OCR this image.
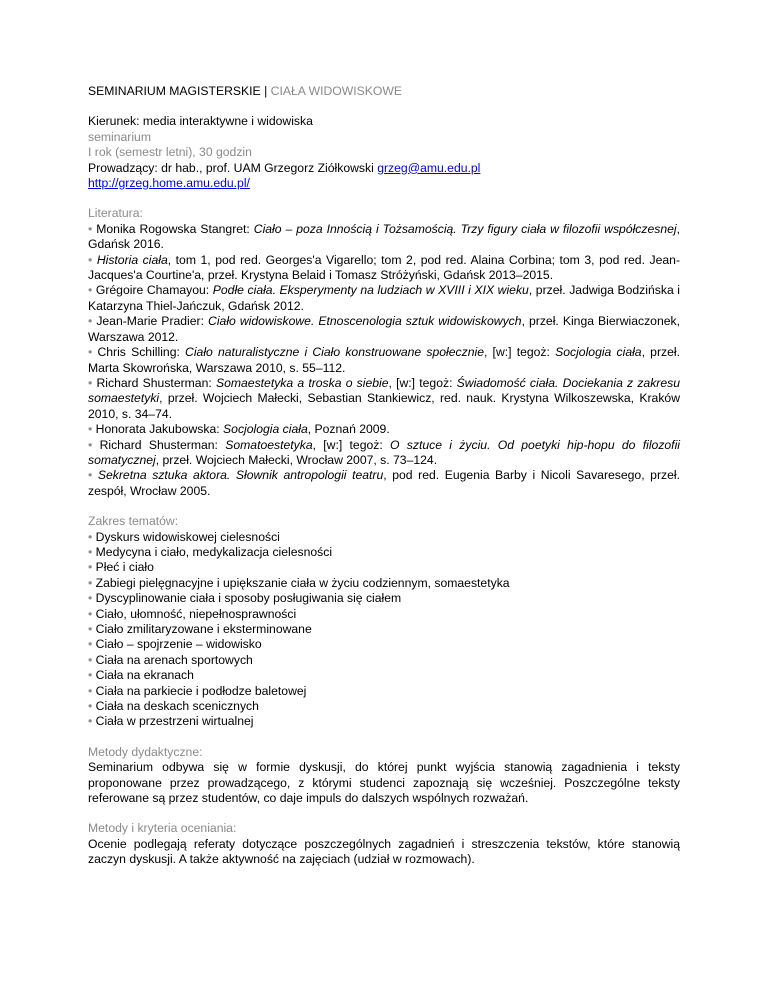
SEMINARIUM MAGISTERSKIE | CIAŁA WIDOWISKOWE
Kierunek: media interaktywne i widowiska
seminarium
I rok (semestr letni), 30 godzin
Prowadzący: dr hab., prof. UAM Grzegorz Ziółkowski grzeg@amu.edu.pl
http://grzeg.home.amu.edu.pl/
Literatura:
• Monika Rogowska Stangret: Ciało – poza Innością i Tożsamością. Trzy figury ciała w filozofii współczesnej, Gdańsk 2016.
• Historia ciała, tom 1, pod red. Georges'a Vigarello; tom 2, pod red. Alaina Corbina; tom 3, pod red. Jean-Jacques'a Courtine'a, przeł. Krystyna Belaid i Tomasz Stróżyński, Gdańsk 2013–2015.
• Grégoire Chamayou: Podłe ciała. Eksperymenty na ludziach w XVIII i XIX wieku, przeł. Jadwiga Bodzińska i Katarzyna Thiel-Jańczuk, Gdańsk 2012.
• Jean-Marie Pradier: Ciało widowiskowe. Etnoscenologia sztuk widowiskowych, przeł. Kinga Bierwiaczonek, Warszawa 2012.
• Chris Schilling: Ciało naturalistyczne i Ciało konstruowane społecznie, [w:] tegoż: Socjologia ciała, przeł. Marta Skowrońska, Warszawa 2010, s. 55–112.
• Richard Shusterman: Somaestetyka a troska o siebie, [w:] tegoż: Świadomość ciała. Dociekania z zakresu somaestetyki, przeł. Wojciech Małecki, Sebastian Stankiewicz, red. nauk. Krystyna Wilkoszewska, Kraków 2010, s. 34–74.
• Honorata Jakubowska: Socjologia ciała, Poznań 2009.
• Richard Shusterman: Somatoestetyka, [w:] tegoż: O sztuce i życiu. Od poetyki hip-hopu do filozofii somatycznej, przeł. Wojciech Małecki, Wrocław 2007, s. 73–124.
• Sekretna sztuka aktora. Słownik antropologii teatru, pod red. Eugenia Barby i Nicoli Savaresego, przeł. zespół, Wrocław 2005.
Zakres tematów:
• Dyskurs widowiskowej cielesności
• Medycyna i ciało, medykalizacja cielesności
• Płeć i ciało
• Zabiegi pielęgnacyjne i upiększanie ciała w życiu codziennym, somaestetyka
• Dyscyplinowanie ciała i sposoby posługiwania się ciałem
• Ciało, ułomność, niepełnosprawności
• Ciało zmilitaryzowane i eksterminowane
• Ciało – spojrzenie – widowisko
• Ciała na arenach sportowych
• Ciała na ekranach
• Ciała na parkiecie i podłodze baletowej
• Ciała na deskach scenicznych
• Ciała w przestrzeni wirtualnej
Metody dydaktyczne:
Seminarium odbywa się w formie dyskusji, do której punkt wyjścia stanowią zagadnienia i teksty proponowane przez prowadzącego, z którymi studenci zapoznają się wcześniej. Poszczególne teksty referowane są przez studentów, co daje impuls do dalszych wspólnych rozważań.
Metody i kryteria oceniania:
Ocenie podlegają referaty dotyczące poszczególnych zagadnień i streszczenia tekstów, które stanowią zaczyn dyskusji. A także aktywność na zajęciach (udział w rozmowach).
